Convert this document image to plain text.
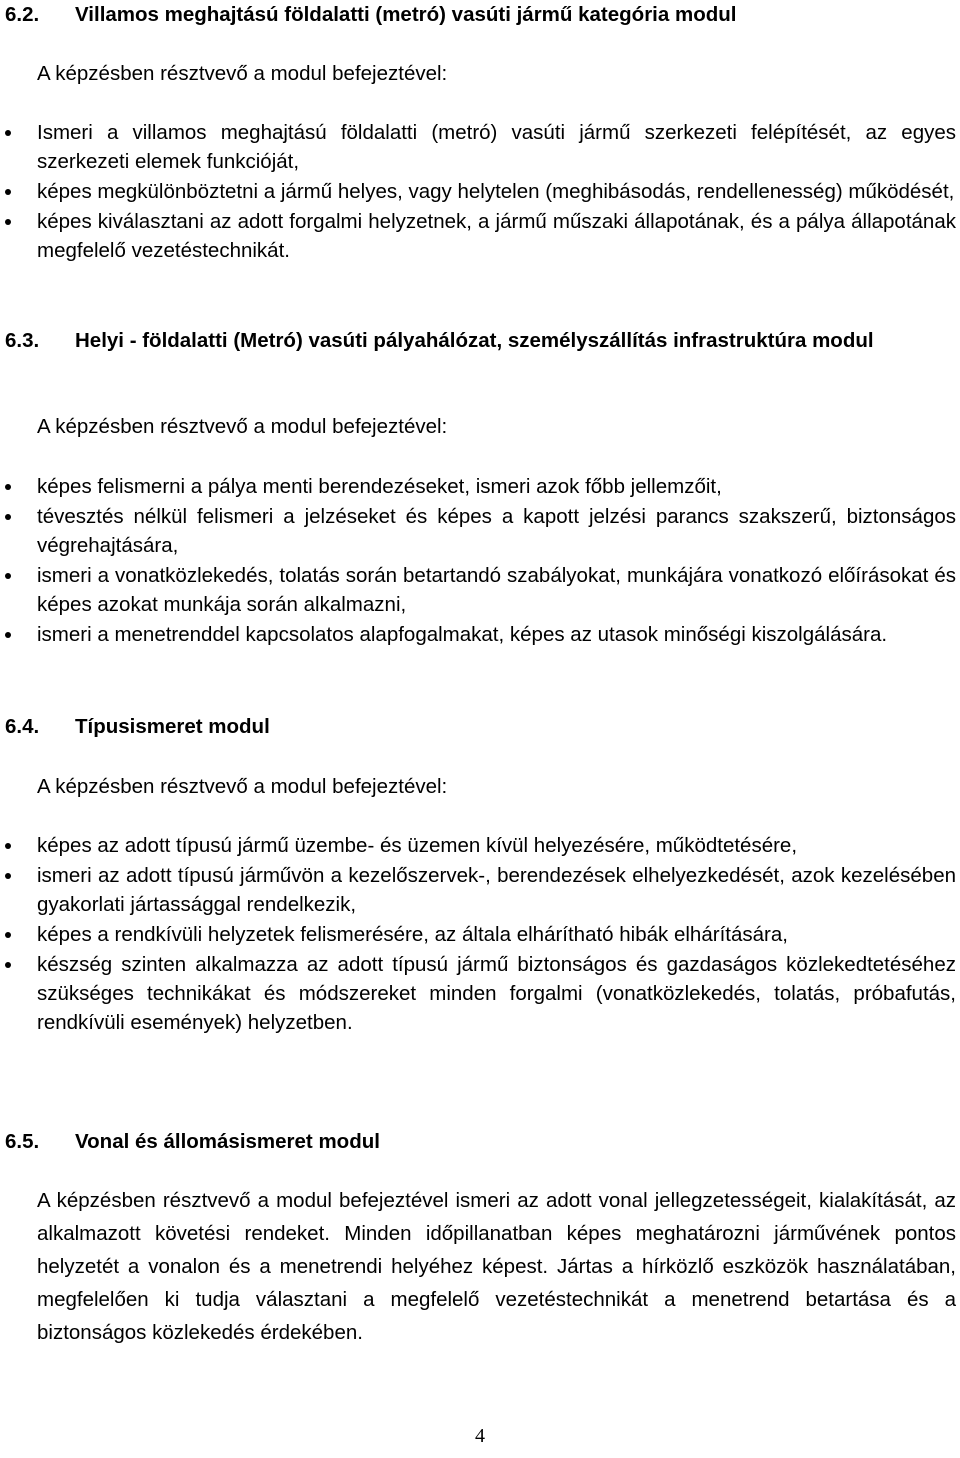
6.2. Villamos meghajtású földalatti (metró) vasúti jármű kategória modul

A képzésben résztvevő a modul befejeztével:

Ismeri a villamos meghajtású földalatti (metró) vasúti jármű szerkezeti felépítését, az egyes szerkezeti elemek funkcióját,
képes megkülönböztetni a jármű helyes, vagy helytelen (meghibásodás, rendellenesség) működését,
képes kiválasztani az adott forgalmi helyzetnek, a jármű műszaki állapotának, és a pálya állapotának megfelelő vezetéstechnikát.
6.3. Helyi - földalatti (Metró) vasúti pályahálózat, személyszállítás infrastruktúra modul

A képzésben résztvevő a modul befejeztével:

képes felismerni a pálya menti berendezéseket, ismeri azok főbb jellemzőit,
tévesztés nélkül felismeri a jelzéseket és képes a kapott jelzési parancs szakszerű, biztonságos végrehajtására,
ismeri a vonatközlekedés, tolatás során betartandó szabályokat, munkájára vonatkozó előírásokat és képes azokat munkája során alkalmazni,
ismeri a menetrenddel kapcsolatos alapfogalmakat, képes az utasok minőségi kiszolgálására.
6.4. Típusismeret modul

A képzésben résztvevő a modul befejeztével:

képes az adott típusú jármű üzembe- és üzemen kívül helyezésére, működtetésére,
ismeri az adott típusú járművön a kezelőszervek-, berendezések elhelyezkedését, azok kezelésében gyakorlati jártassággal rendelkezik,
képes a rendkívüli helyzetek felismerésére, az általa elhárítható hibák elhárítására,
készség szinten alkalmazza az adott típusú jármű biztonságos és gazdaságos közlekedtetéséhez szükséges technikákat és módszereket minden forgalmi (vonatközlekedés, tolatás, próbafutás, rendkívüli események) helyzetben.
6.5. Vonal és állomásismeret modul

A képzésben résztvevő a modul befejeztével ismeri az adott vonal jellegzetességeit, kialakítását, az alkalmazott követési rendeket. Minden időpillanatban képes meghatározni járművének pontos helyzetét a vonalon és a menetrendi helyéhez képest. Jártas a hírközlő eszközök használatában, megfelelően ki tudja választani a megfelelő vezetéstechnikát a menetrend betartása és a biztonságos közlekedés érdekében.

4
